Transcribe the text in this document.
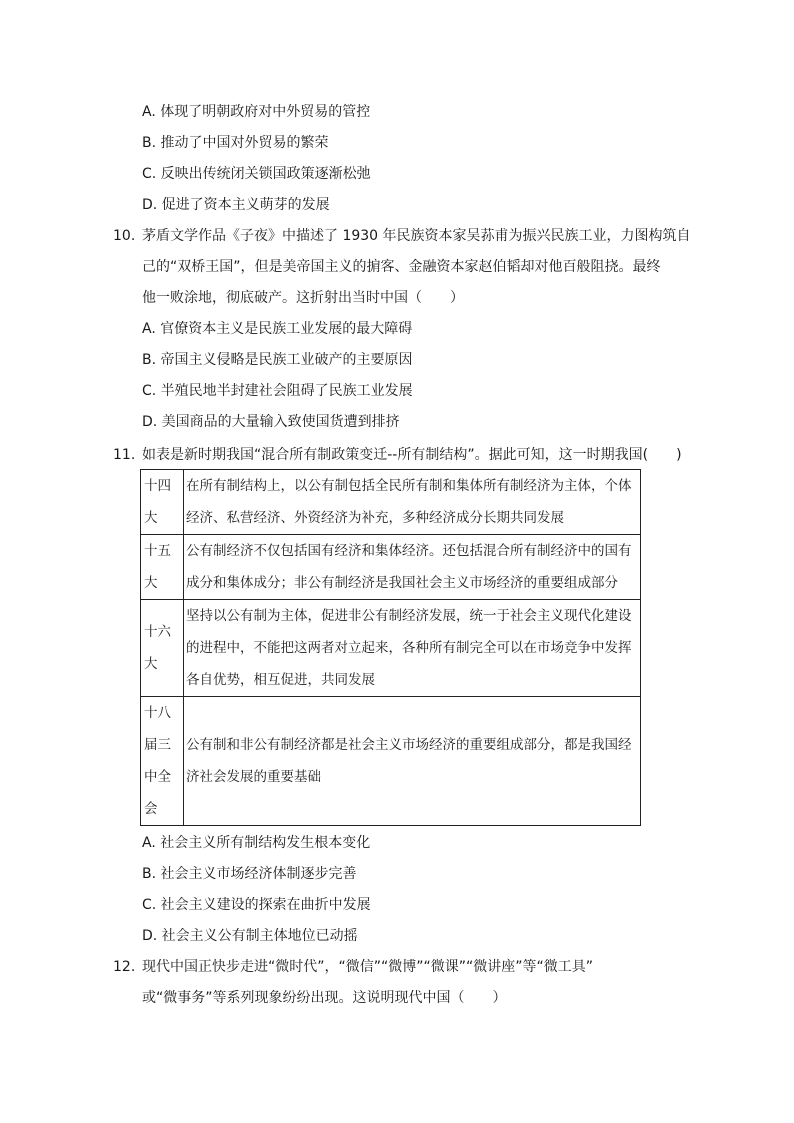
A. 体现了明朝政府对中外贸易的管控
B. 推动了中国对外贸易的繁荣
C. 反映出传统闭关锁国政策逐渐松弛
D. 促进了资本主义萌芽的发展
10. 茅盾文学作品《子夜》中描述了 1930 年民族资本家吴荪甫为振兴民族工业，力图构筑自
己的“双桥王国”，但是美帝国主义的掮客、金融资本家赵伯韬却对他百般阻挠。最终
他一败涂地，彻底破产。这折射出当时中国（　　）
A. 官僚资本主义是民族工业发展的最大障碍
B. 帝国主义侵略是民族工业破产的主要原因
C. 半殖民地半封建社会阻碍了民族工业发展
D. 美国商品的大量输入致使国货遭到排挤
11. 如表是新时期我国“混合所有制政策变迁--所有制结构”。据此可知，这一时期我国(　　)
十四大	在所有制结构上，以公有制包括全民所有制和集体所有制经济为主体，个体经济、私营经济、外资经济为补充，多种经济成分长期共同发展
十五大	公有制经济不仅包括国有经济和集体经济。还包括混合所有制经济中的国有成分和集体成分；非公有制经济是我国社会主义市场经济的重要组成部分
十六大	坚持以公有制为主体，促进非公有制经济发展，统一于社会主义现代化建设的进程中，不能把这两者对立起来，各种所有制完全可以在市场竞争中发挥各自优势，相互促进，共同发展
十八届三中全会	公有制和非公有制经济都是社会主义市场经济的重要组成部分，都是我国经济社会发展的重要基础
A. 社会主义所有制结构发生根本变化
B. 社会主义市场经济体制逐步完善
C. 社会主义建设的探索在曲折中发展
D. 社会主义公有制主体地位已动摇
12. 现代中国正快步走进“微时代”，“微信”“微博”“微课”“微讲座”等“微工具”
或“微事务”等系列现象纷纷出现。这说明现代中国（　　）
